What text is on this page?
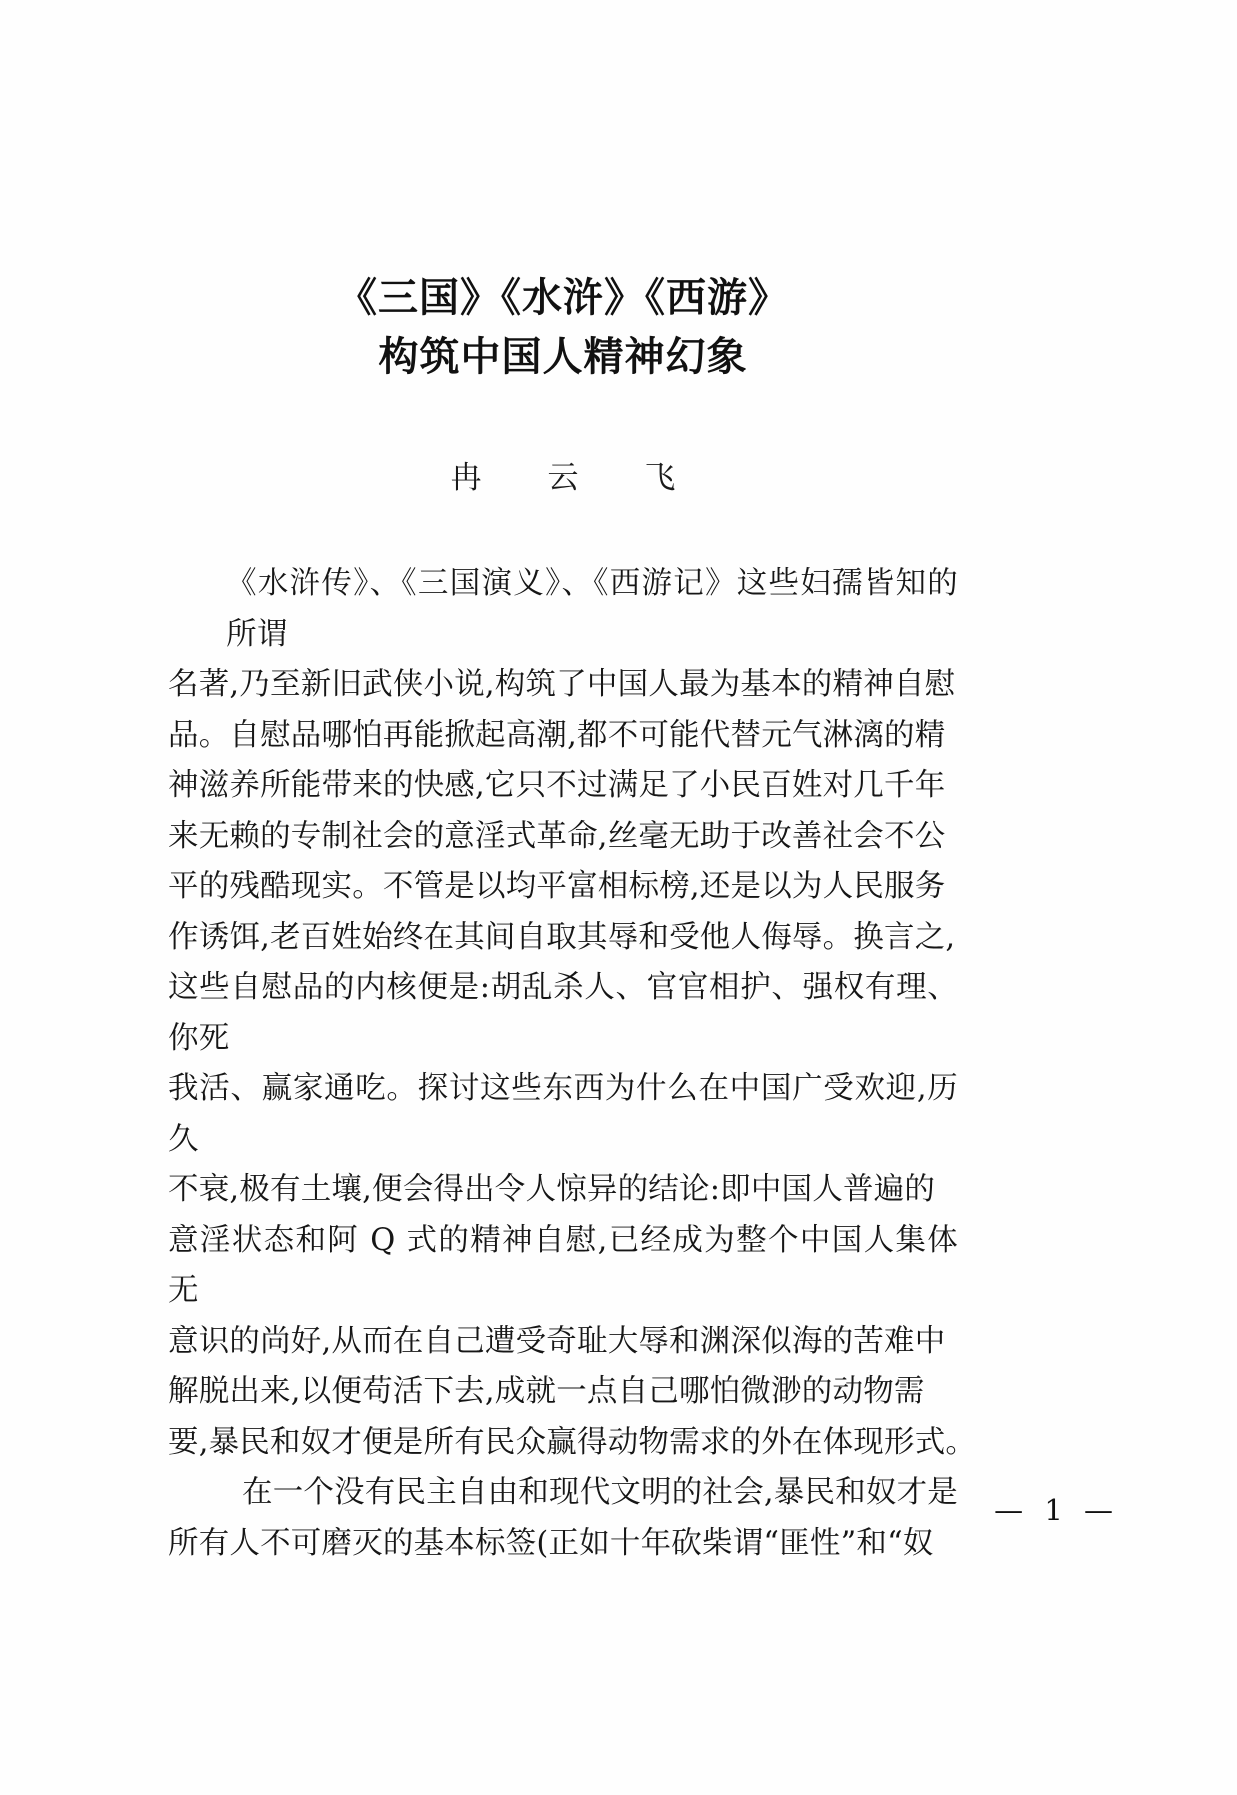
《三国》《水浒》《西游》
构筑中国人精神幻象
冉 云 飞
《水浒传》、《三国演义》、《西游记》这些妇孺皆知的所谓
名著,乃至新旧武侠小说,构筑了中国人最为基本的精神自慰
品。自慰品哪怕再能掀起高潮,都不可能代替元气淋漓的精
神滋养所能带来的快感,它只不过满足了小民百姓对几千年
来无赖的专制社会的意淫式革命,丝毫无助于改善社会不公
平的残酷现实。不管是以均平富相标榜,还是以为人民服务
作诱饵,老百姓始终在其间自取其辱和受他人侮辱。换言之,
这些自慰品的内核便是:胡乱杀人、官官相护、强权有理、你死
我活、赢家通吃。探讨这些东西为什么在中国广受欢迎,历久
不衰,极有土壤,便会得出令人惊异的结论:即中国人普遍的
意淫状态和阿 Q 式的精神自慰,已经成为整个中国人集体无
意识的尚好,从而在自己遭受奇耻大辱和渊深似海的苦难中
解脱出来,以便苟活下去,成就一点自己哪怕微渺的动物需
要,暴民和奴才便是所有民众赢得动物需求的外在体现形式。
在一个没有民主自由和现代文明的社会,暴民和奴才是
所有人不可磨灭的基本标签(正如十年砍柴谓“匪性”和“奴
— 1 —
